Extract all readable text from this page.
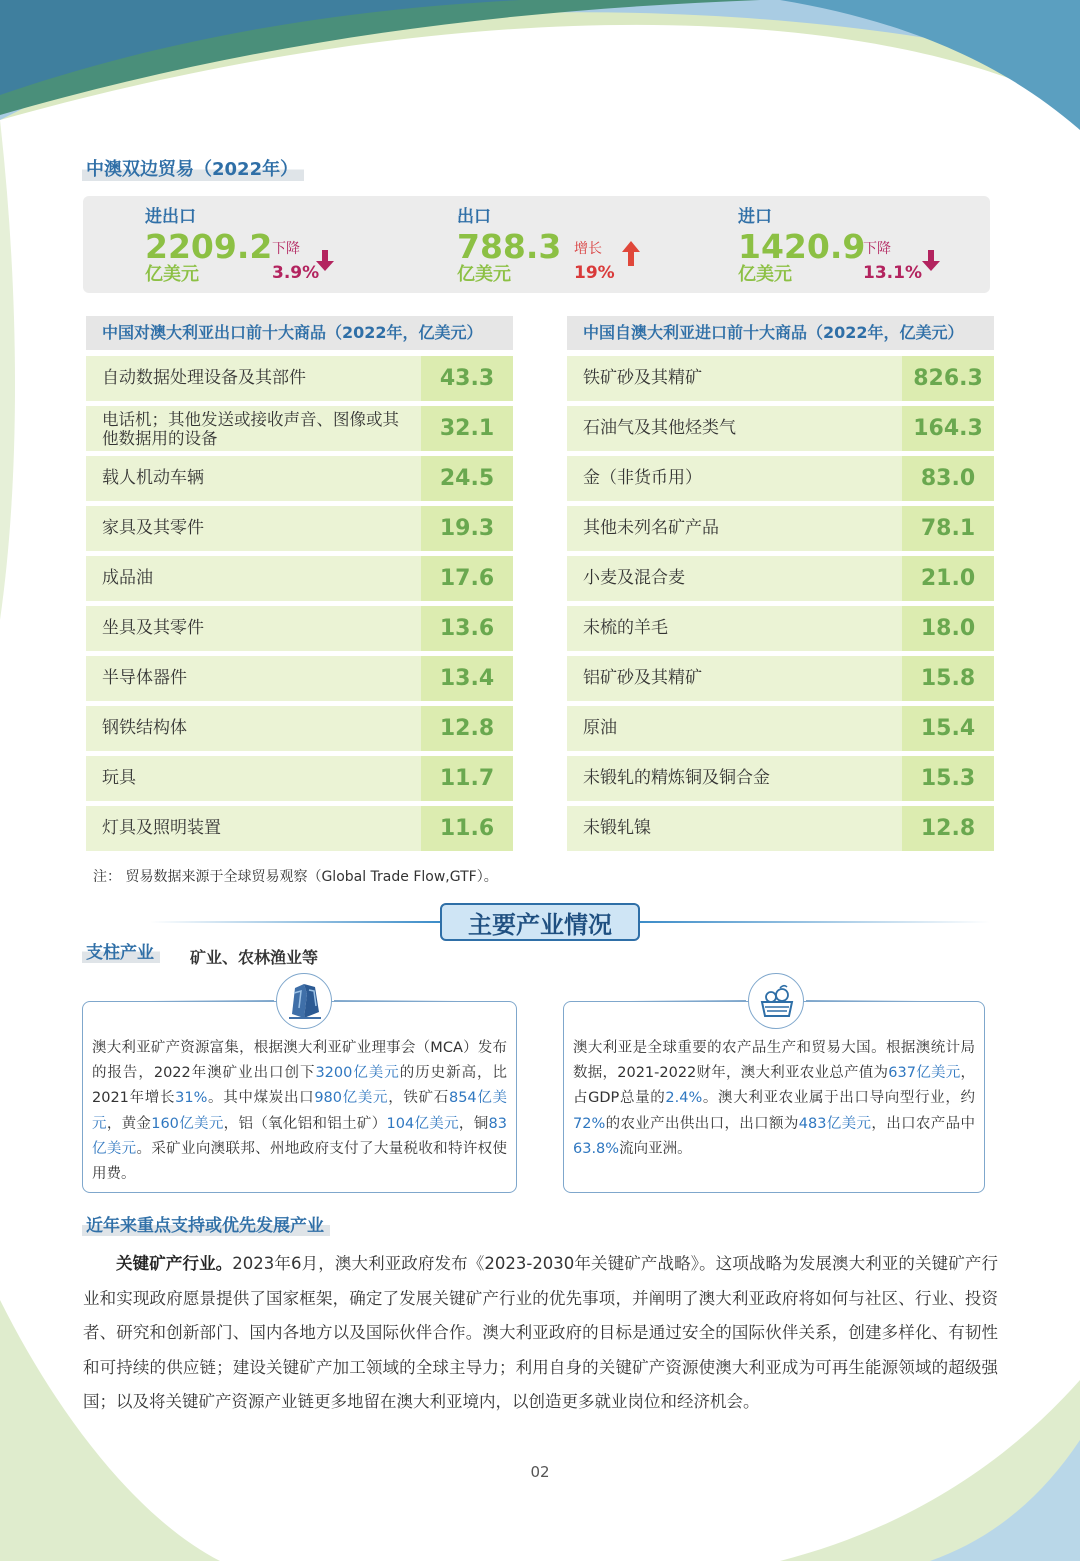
中澳双边贸易（2022年）
进出口
2209.2
亿美元
下降
3.9%
出口
788.3
亿美元
增长
19%
进口
1420.9
亿美元
下降
13.1%
中国对澳大利亚出口前十大商品（2022年，亿美元）
自动数据处理设备及其部件	43.3
电话机；其他发送或接收声音、图像或其他数据用的设备	32.1
载人机动车辆	24.5
家具及其零件	19.3
成品油	17.6
坐具及其零件	13.6
半导体器件	13.4
钢铁结构体	12.8
玩具	11.7
灯具及照明装置	11.6
中国自澳大利亚进口前十大商品（2022年，亿美元）
铁矿砂及其精矿	826.3
石油气及其他烃类气	164.3
金（非货币用）	83.0
其他未列名矿产品	78.1
小麦及混合麦	21.0
未梳的羊毛	18.0
铝矿砂及其精矿	15.8
原油	15.4
未锻轧的精炼铜及铜合金	15.3
未锻轧镍	12.8
注： 贸易数据来源于全球贸易观察（Global Trade Flow,GTF）。
主要产业情况
支柱产业	矿业、农林渔业等
澳大利亚矿产资源富集，根据澳大利亚矿业理事会（MCA）发布的报告，2022年澳矿业出口创下3200亿美元的历史新高，比2021年增长31%。其中煤炭出口980亿美元，铁矿石854亿美元，黄金160亿美元，铝（氧化铝和铝土矿）104亿美元，铜83亿美元。采矿业向澳联邦、州地政府支付了大量税收和特许权使用费。
澳大利亚是全球重要的农产品生产和贸易大国。根据澳统计局数据，2021-2022财年，澳大利亚农业总产值为637亿美元，占GDP总量的2.4%。澳大利亚农业属于出口导向型行业，约72%的农业产出供出口，出口额为483亿美元，出口农产品中63.8%流向亚洲。
近年来重点支持或优先发展产业
关键矿产行业。2023年6月，澳大利亚政府发布《2023-2030年关键矿产战略》。这项战略为发展澳大利亚的关键矿产行业和实现政府愿景提供了国家框架，确定了发展关键矿产行业的优先事项，并阐明了澳大利亚政府将如何与社区、行业、投资者、研究和创新部门、国内各地方以及国际伙伴合作。澳大利亚政府的目标是通过安全的国际伙伴关系，创建多样化、有韧性和可持续的供应链；建设关键矿产加工领域的全球主导力；利用自身的关键矿产资源使澳大利亚成为可再生能源领域的超级强国；以及将关键矿产资源产业链更多地留在澳大利亚境内，以创造更多就业岗位和经济机会。
02
